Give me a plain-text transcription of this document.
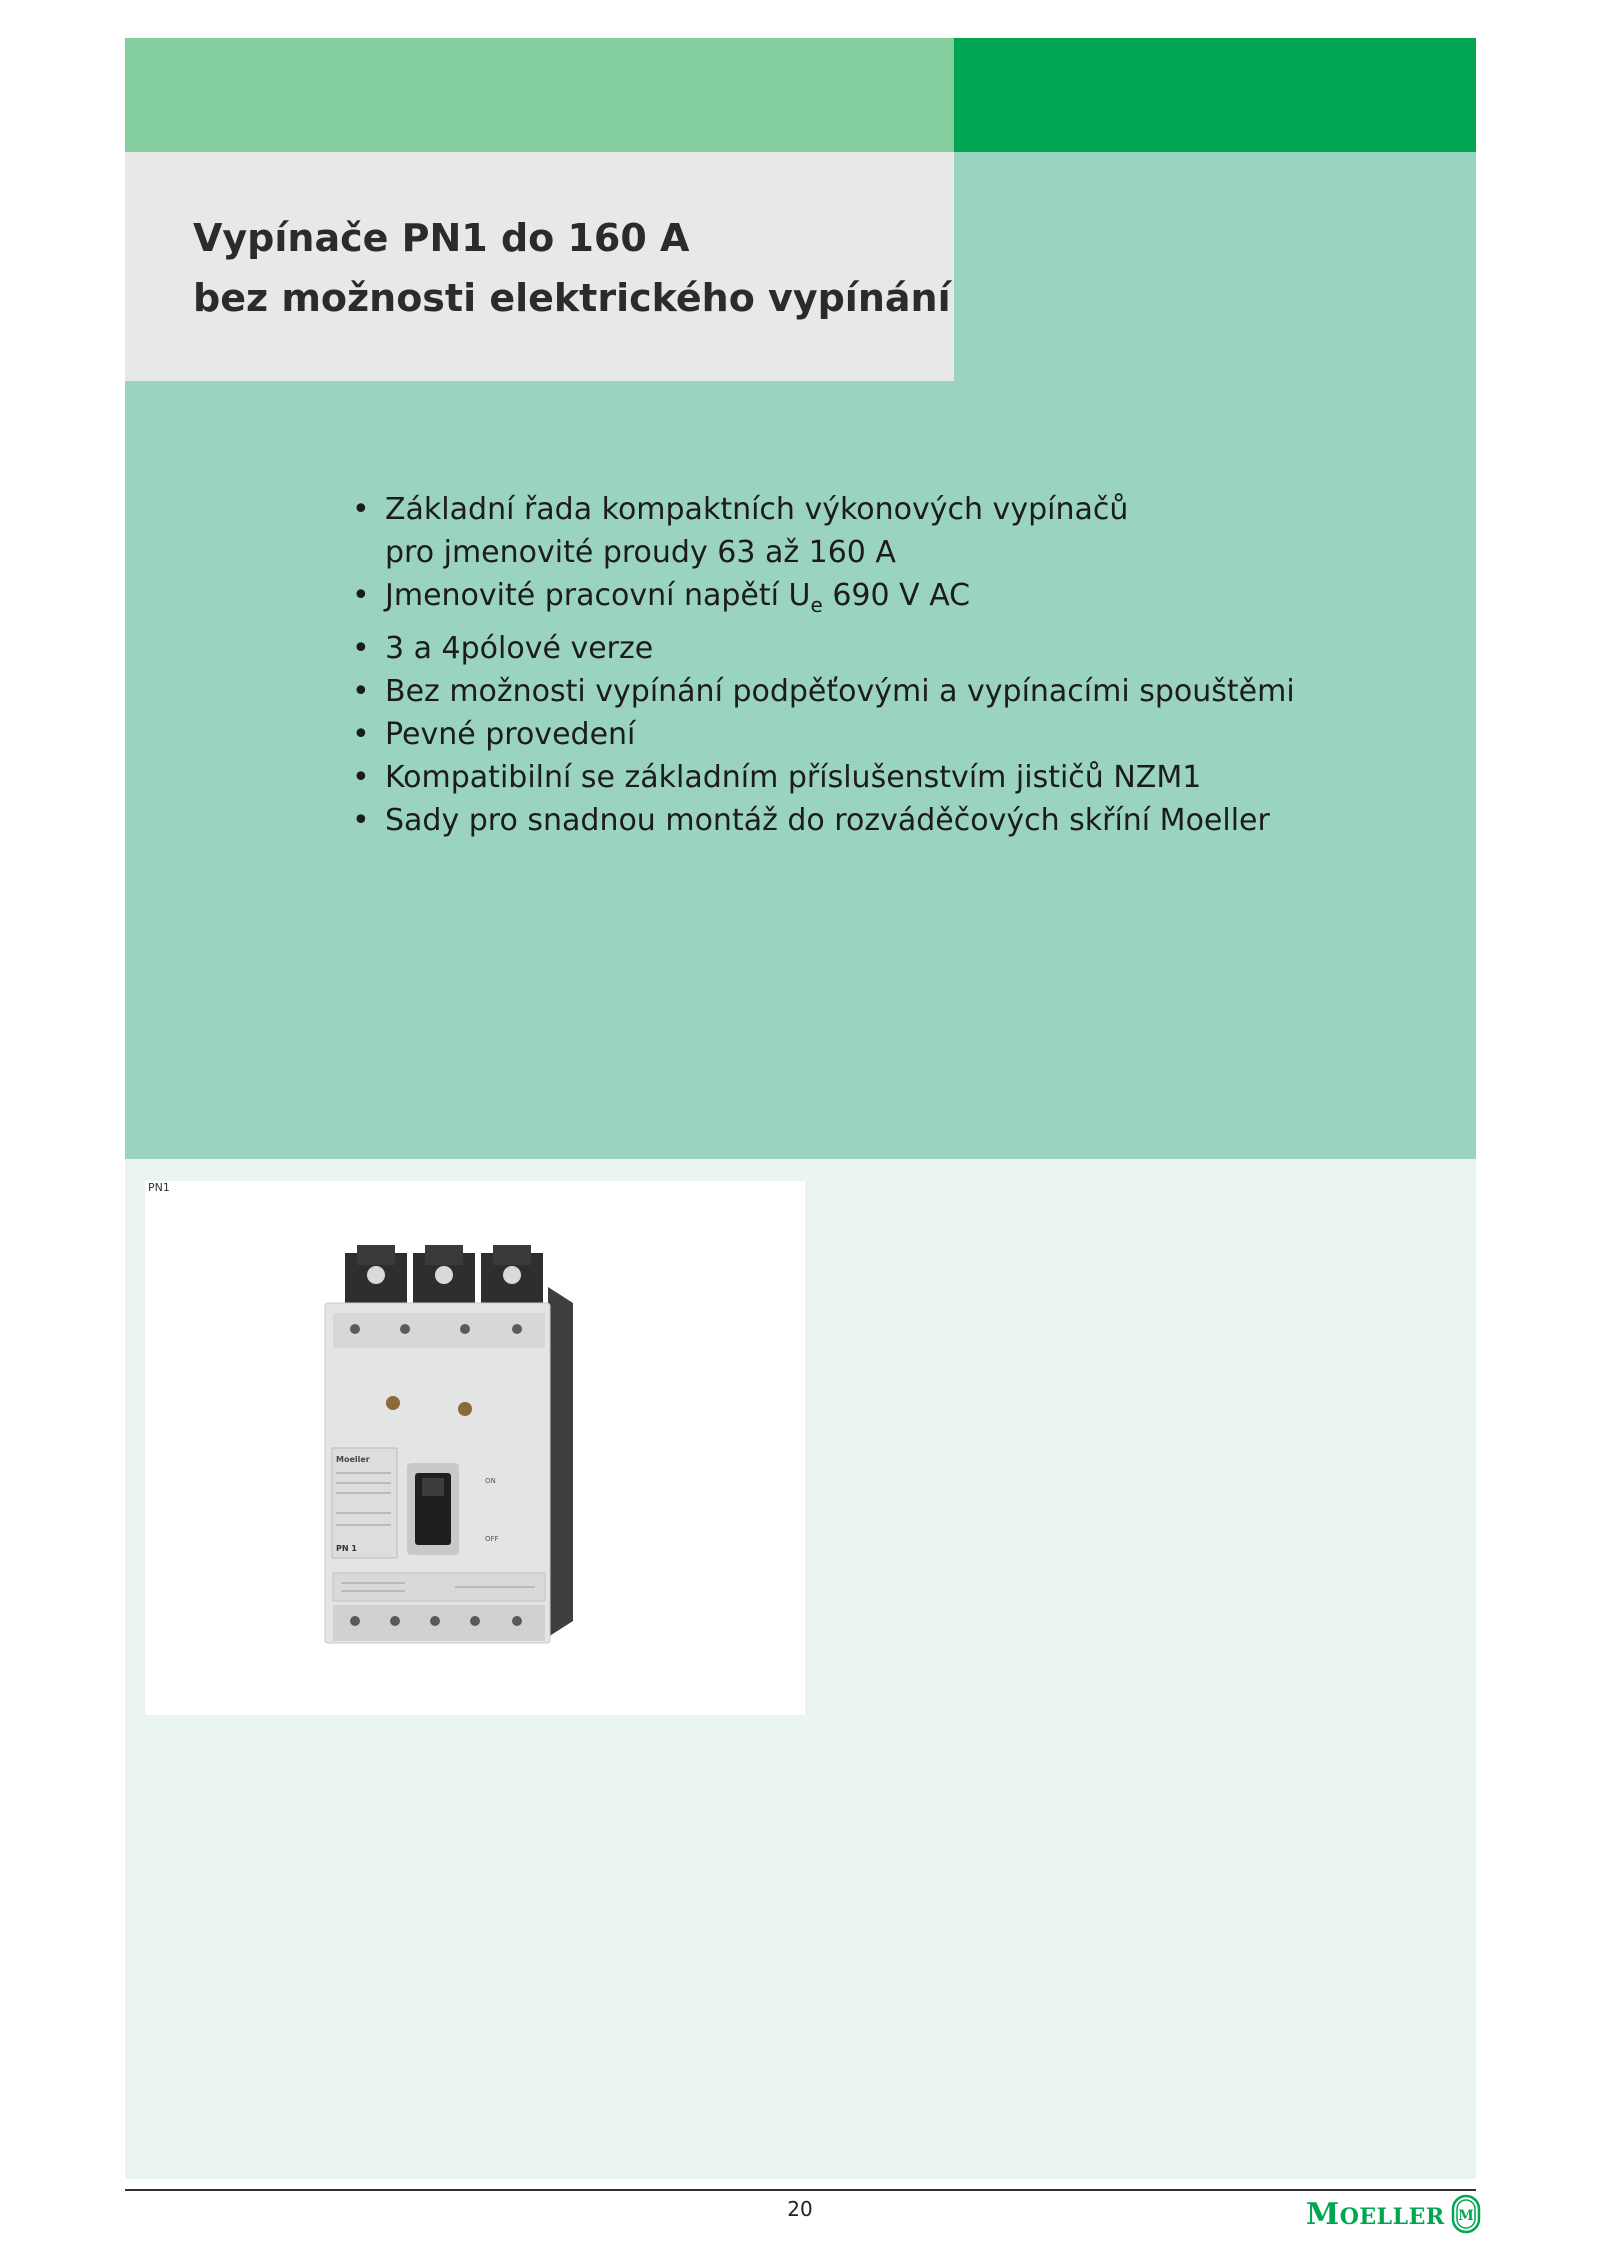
• Základní řada kompaktních výkonových vypínačů
pro jmenovité proudy 63 až 160 A
• Jmenovité pracovní napětí $U_e$ 690 V AC
• 3 a 4pólové verze
• Bez možnosti vypínání podpěťovými a vypínacími spouštěmi
• Pevné provedení
• Kompatibilní se základním příslušenstvím jističů NZM1
• Sady pro snadnou montáž do rozváděčových skříní Moeller
Vypínače PN1 do 160 A
bez možnosti elektrického vypínání
PN1
Moeller
PN 1
ON
OFF
20	MOELLER M
